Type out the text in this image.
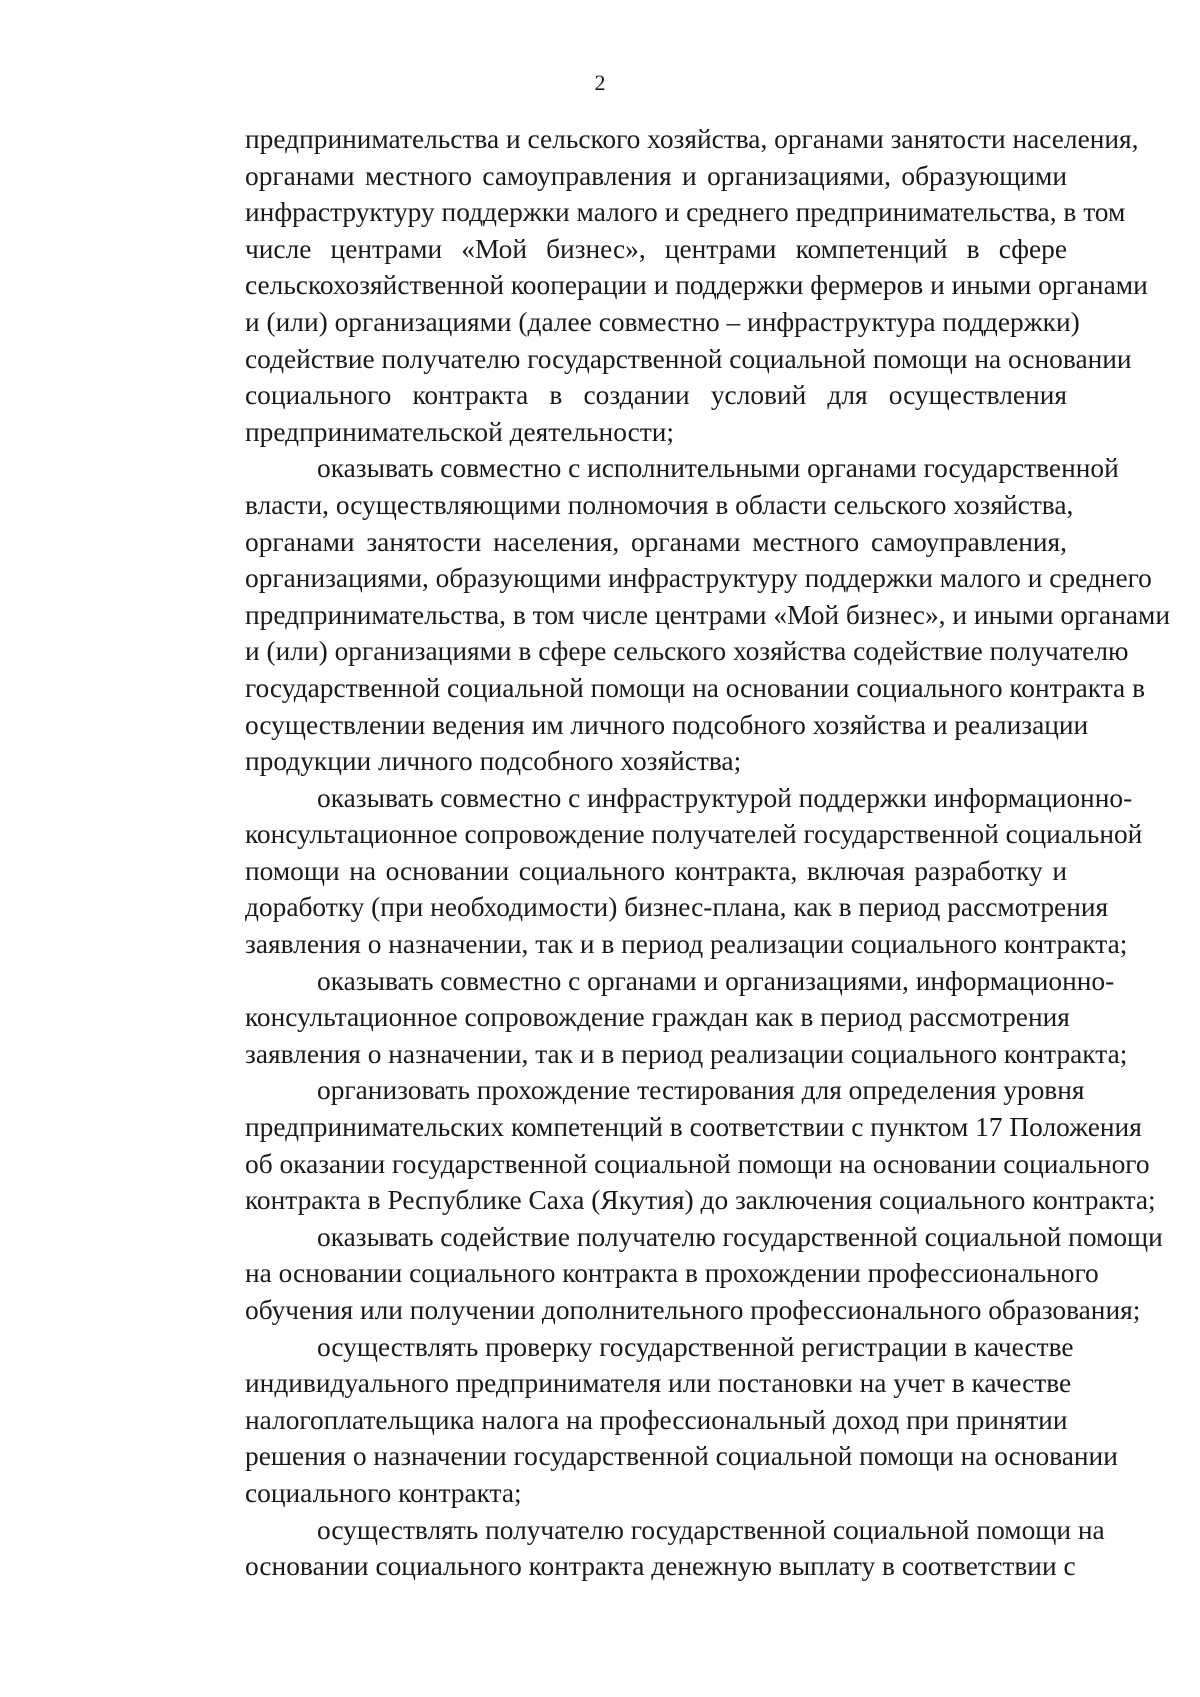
2
предпринимательства и сельского хозяйства, органами занятости населения,
органами местного самоуправления и организациями, образующими
инфраструктуру поддержки малого и среднего предпринимательства, в том
числе центрами «Мой бизнес», центрами компетенций в сфере
сельскохозяйственной кооперации и поддержки фермеров и иными органами
и (или) организациями (далее совместно – инфраструктура поддержки)
содействие получателю государственной социальной помощи на основании
социального контракта в создании условий для осуществления
предпринимательской деятельности;
оказывать совместно с исполнительными органами государственной
власти, осуществляющими полномочия в области сельского хозяйства,
органами занятости населения, органами местного самоуправления,
организациями, образующими инфраструктуру поддержки малого и среднего
предпринимательства, в том числе центрами «Мой бизнес», и иными органами
и (или) организациями в сфере сельского хозяйства содействие получателю
государственной социальной помощи на основании социального контракта в
осуществлении ведения им личного подсобного хозяйства и реализации
продукции личного подсобного хозяйства;
оказывать совместно с инфраструктурой поддержки информационно-
консультационное сопровождение получателей государственной социальной
помощи на основании социального контракта, включая разработку и
доработку (при необходимости) бизнес-плана, как в период рассмотрения
заявления о назначении, так и в период реализации социального контракта;
оказывать совместно с органами и организациями, информационно-
консультационное сопровождение граждан как в период рассмотрения
заявления о назначении, так и в период реализации социального контракта;
организовать прохождение тестирования для определения уровня
предпринимательских компетенций в соответствии с пунктом 17 Положения
об оказании государственной социальной помощи на основании социального
контракта в Республике Саха (Якутия) до заключения социального контракта;
оказывать содействие получателю государственной социальной помощи
на основании социального контракта в прохождении профессионального
обучения или получении дополнительного профессионального образования;
осуществлять проверку государственной регистрации в качестве
индивидуального предпринимателя или постановки на учет в качестве
налогоплательщика налога на профессиональный доход при принятии
решения о назначении государственной социальной помощи на основании
социального контракта;
осуществлять получателю государственной социальной помощи на
основании социального контракта денежную выплату в соответствии с
